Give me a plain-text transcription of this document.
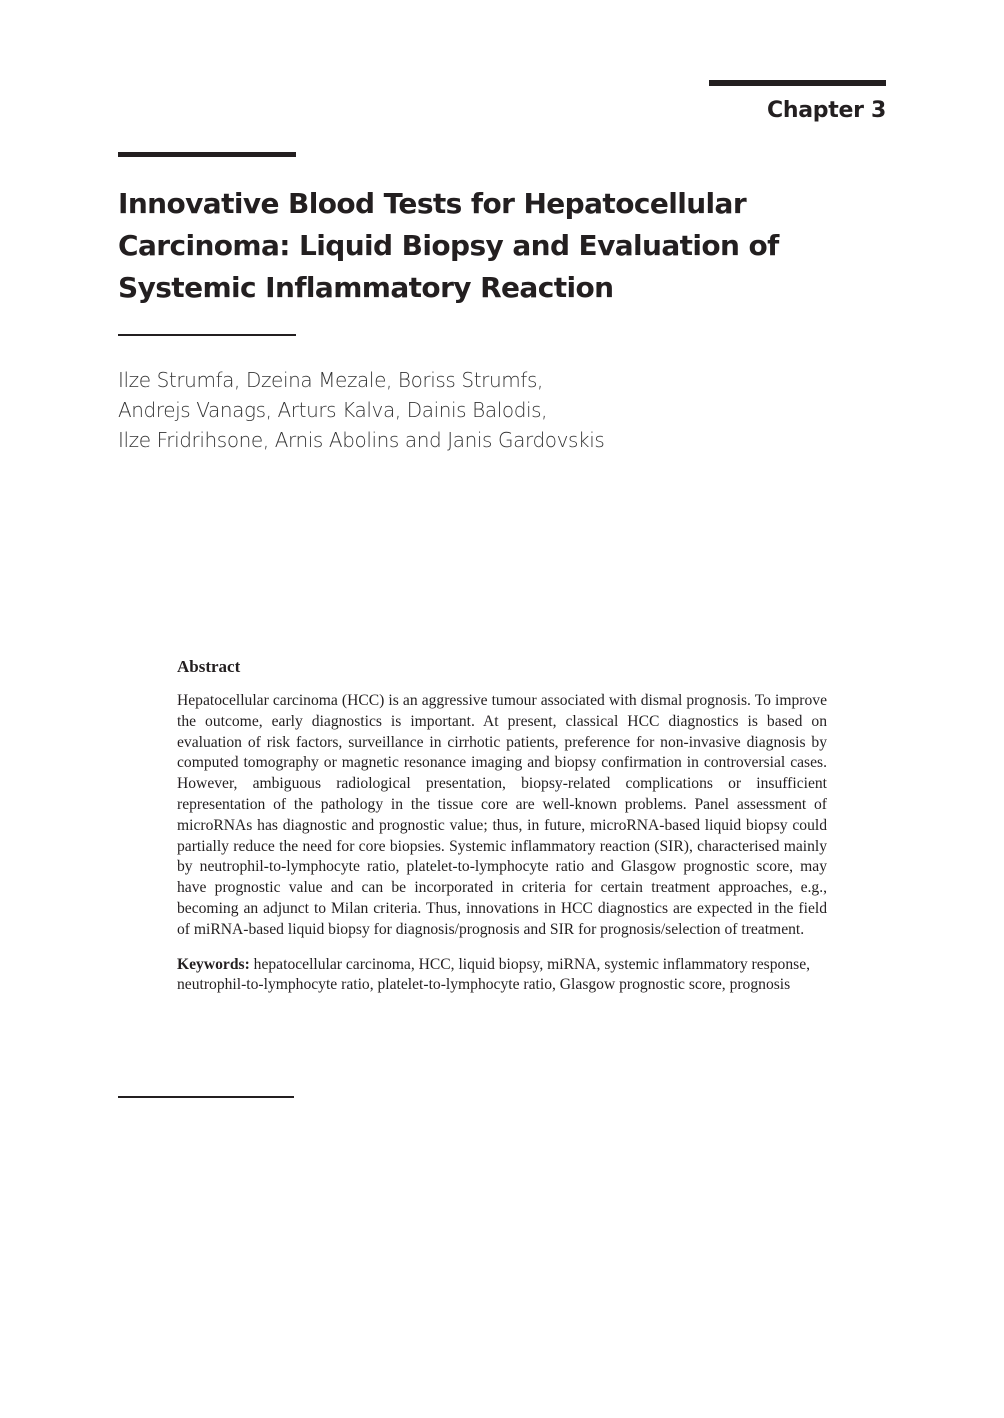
Chapter 3
Innovative Blood Tests for Hepatocellular Carcinoma: Liquid Biopsy and Evaluation of Systemic Inflammatory Reaction
Ilze Strumfa, Dzeina Mezale, Boriss Strumfs,
Andrejs Vanags, Arturs Kalva, Dainis Balodis,
Ilze Fridrihsone, Arnis Abolins and Janis Gardovskis
Abstract

Hepatocellular carcinoma (HCC) is an aggressive tumour associated with dismal prognosis. To improve the outcome, early diagnostics is important. At present, classical HCC diagnostics is based on evaluation of risk factors, surveillance in cirrhotic patients, preference for non-invasive diagnosis by computed tomography or magnetic resonance imaging and biopsy confirmation in controversial cases. However, ambiguous radiological presentation, biopsy-related complications or insufficient representation of the pathology in the tissue core are well-known problems. Panel assessment of microRNAs has diagnostic and prognostic value; thus, in future, microRNA-based liquid biopsy could partially reduce the need for core biopsies. Systemic inflammatory reaction (SIR), characterised mainly by neutrophil-to-lymphocyte ratio, platelet-to-lymphocyte ratio and Glasgow prognostic score, may have prognostic value and can be incorporated in criteria for certain treatment approaches, e.g., becoming an adjunct to Milan criteria. Thus, innovations in HCC diagnostics are expected in the field of miRNA-based liquid biopsy for diagnosis/prognosis and SIR for prognosis/selection of treatment.

Keywords: hepatocellular carcinoma, HCC, liquid biopsy, miRNA, systemic inflammatory response, neutrophil-to-lymphocyte ratio, platelet-to-lymphocyte ratio, Glasgow prognostic score, prognosis
